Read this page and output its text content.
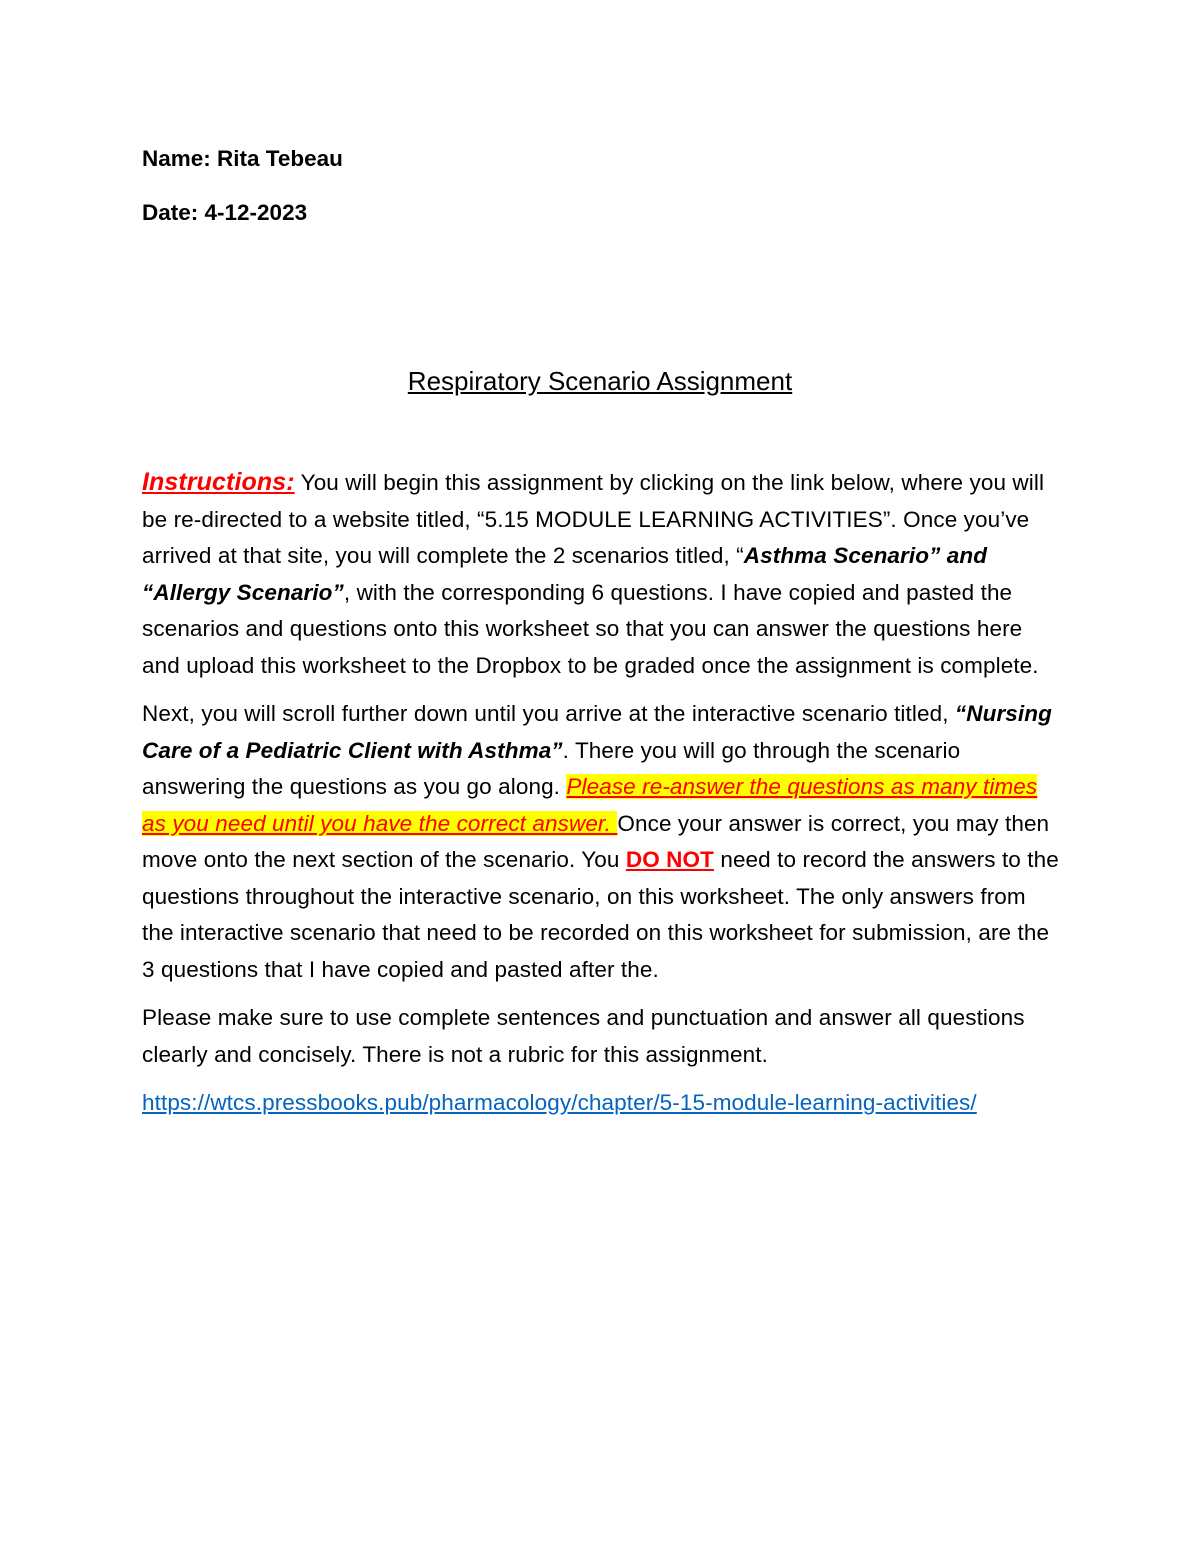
Name: Rita Tebeau
Date: 4-12-2023
Respiratory Scenario Assignment

Instructions: You will begin this assignment by clicking on the link below, where you will be re-directed to a website titled, “5.15 MODULE LEARNING ACTIVITIES”. Once you’ve arrived at that site, you will complete the 2 scenarios titled, “Asthma Scenario” and “Allergy Scenario”, with the corresponding 6 questions. I have copied and pasted the scenarios and questions onto this worksheet so that you can answer the questions here and upload this worksheet to the Dropbox to be graded once the assignment is complete.

Next, you will scroll further down until you arrive at the interactive scenario titled, “Nursing Care of a Pediatric Client with Asthma”. There you will go through the scenario answering the questions as you go along. Please re-answer the questions as many times as you need until you have the correct answer. Once your answer is correct, you may then move onto the next section of the scenario. You DO NOT need to record the answers to the questions throughout the interactive scenario, on this worksheet. The only answers from the interactive scenario that need to be recorded on this worksheet for submission, are the 3 questions that I have copied and pasted after the.

Please make sure to use complete sentences and punctuation and answer all questions clearly and concisely. There is not a rubric for this assignment.

https://wtcs.pressbooks.pub/pharmacology/chapter/5-15-module-learning-activities/
